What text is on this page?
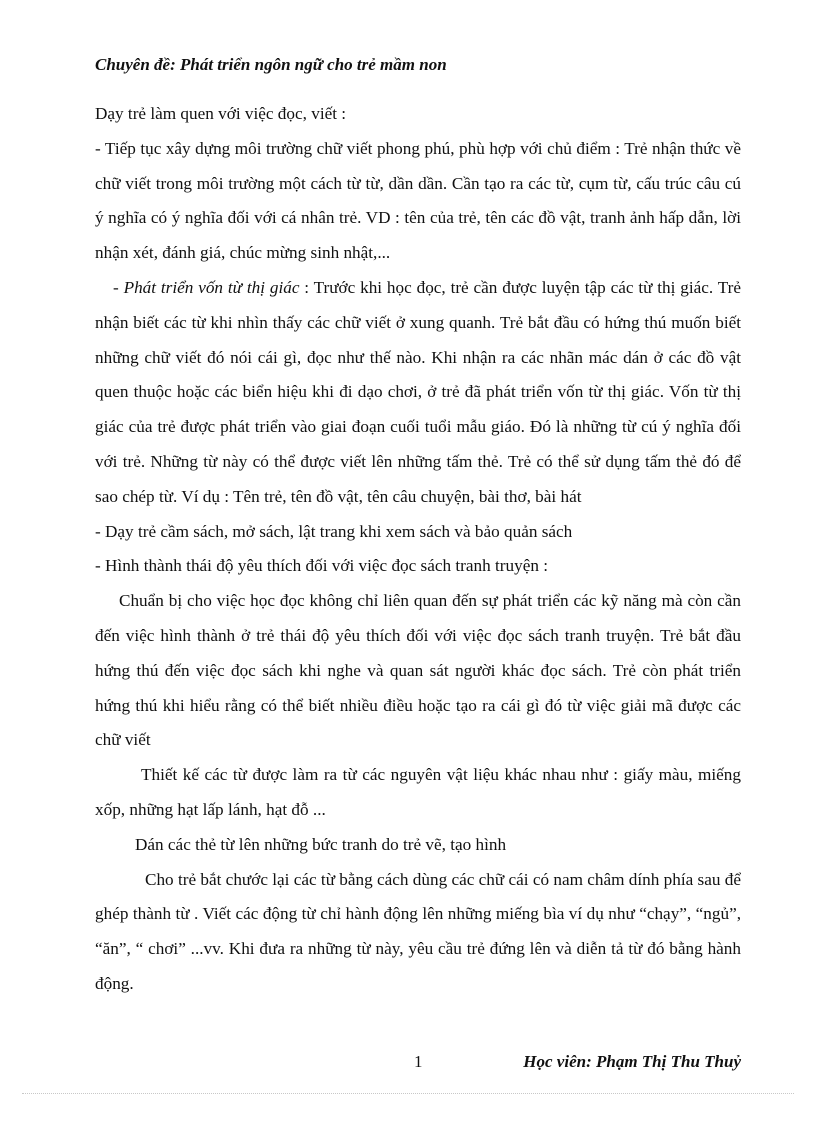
Chuyên đề: Phát triển ngôn ngữ cho trẻ mầm non

Dạy trẻ làm quen với việc đọc, viết :

- Tiếp tục xây dựng môi trường chữ viết phong phú, phù hợp với chủ điểm : Trẻ nhận thức về chữ viết trong môi trường một cách từ từ, dần dần. Cần tạo ra các từ, cụm từ, cấu trúc câu cú ý nghĩa có ý nghĩa đối với cá nhân trẻ. VD : tên của trẻ, tên các đồ vật, tranh ảnh hấp dẫn, lời nhận xét, đánh giá, chúc mừng sinh nhật,...

- Phát triển vốn từ thị giác : Trước khi học đọc, trẻ cần được luyện tập các từ thị giác. Trẻ nhận biết các từ khi nhìn thấy các chữ viết ở xung quanh. Trẻ bắt đầu có hứng thú muốn biết những chữ viết đó nói cái gì, đọc như thế nào. Khi nhận ra các nhãn mác dán ở các đồ vật quen thuộc hoặc các biển hiệu khi đi dạo chơi, ở trẻ đã phát triển vốn từ thị giác. Vốn từ thị giác của trẻ được phát triển vào giai đoạn cuối tuổi mẫu giáo. Đó là những từ cú ý nghĩa đối với trẻ. Những từ này có thể được viết lên những tấm thẻ. Trẻ có thể sử dụng tấm thẻ đó để sao chép từ. Ví dụ : Tên trẻ, tên đồ vật, tên câu chuyện, bài thơ, bài hát

- Dạy trẻ cầm sách, mở sách, lật trang khi xem sách và bảo quản sách

- Hình thành thái độ yêu thích đối với việc đọc sách tranh truyện :

Chuẩn bị cho việc học đọc không chỉ liên quan đến sự phát triển các kỹ năng mà còn cần đến việc hình thành ở trẻ thái độ yêu thích đối với việc đọc sách tranh truyện. Trẻ bắt đầu hứng thú đến việc đọc sách khi nghe và quan sát người khác đọc sách. Trẻ còn phát triển hứng thú khi hiểu rằng có thể biết nhiều điều hoặc tạo ra cái gì đó từ việc giải mã được các chữ viết

Thiết kế các từ được làm ra từ các nguyên vật liệu khác nhau như : giấy màu, miếng xốp, những hạt lấp lánh, hạt đỗ ...

Dán các thẻ từ lên những bức tranh do trẻ vẽ, tạo hình

Cho trẻ bắt chước lại các từ bằng cách dùng các chữ cái có nam châm dính phía sau để ghép thành từ . Viết các động từ chỉ hành động lên những miếng bìa ví dụ như “chạy”, “ngủ”, “ăn”, “ chơi” ...vv. Khi đưa ra những từ này, yêu cầu trẻ đứng lên và diễn tả từ đó bằng hành động.

1	Học viên: Phạm Thị Thu Thuỷ
